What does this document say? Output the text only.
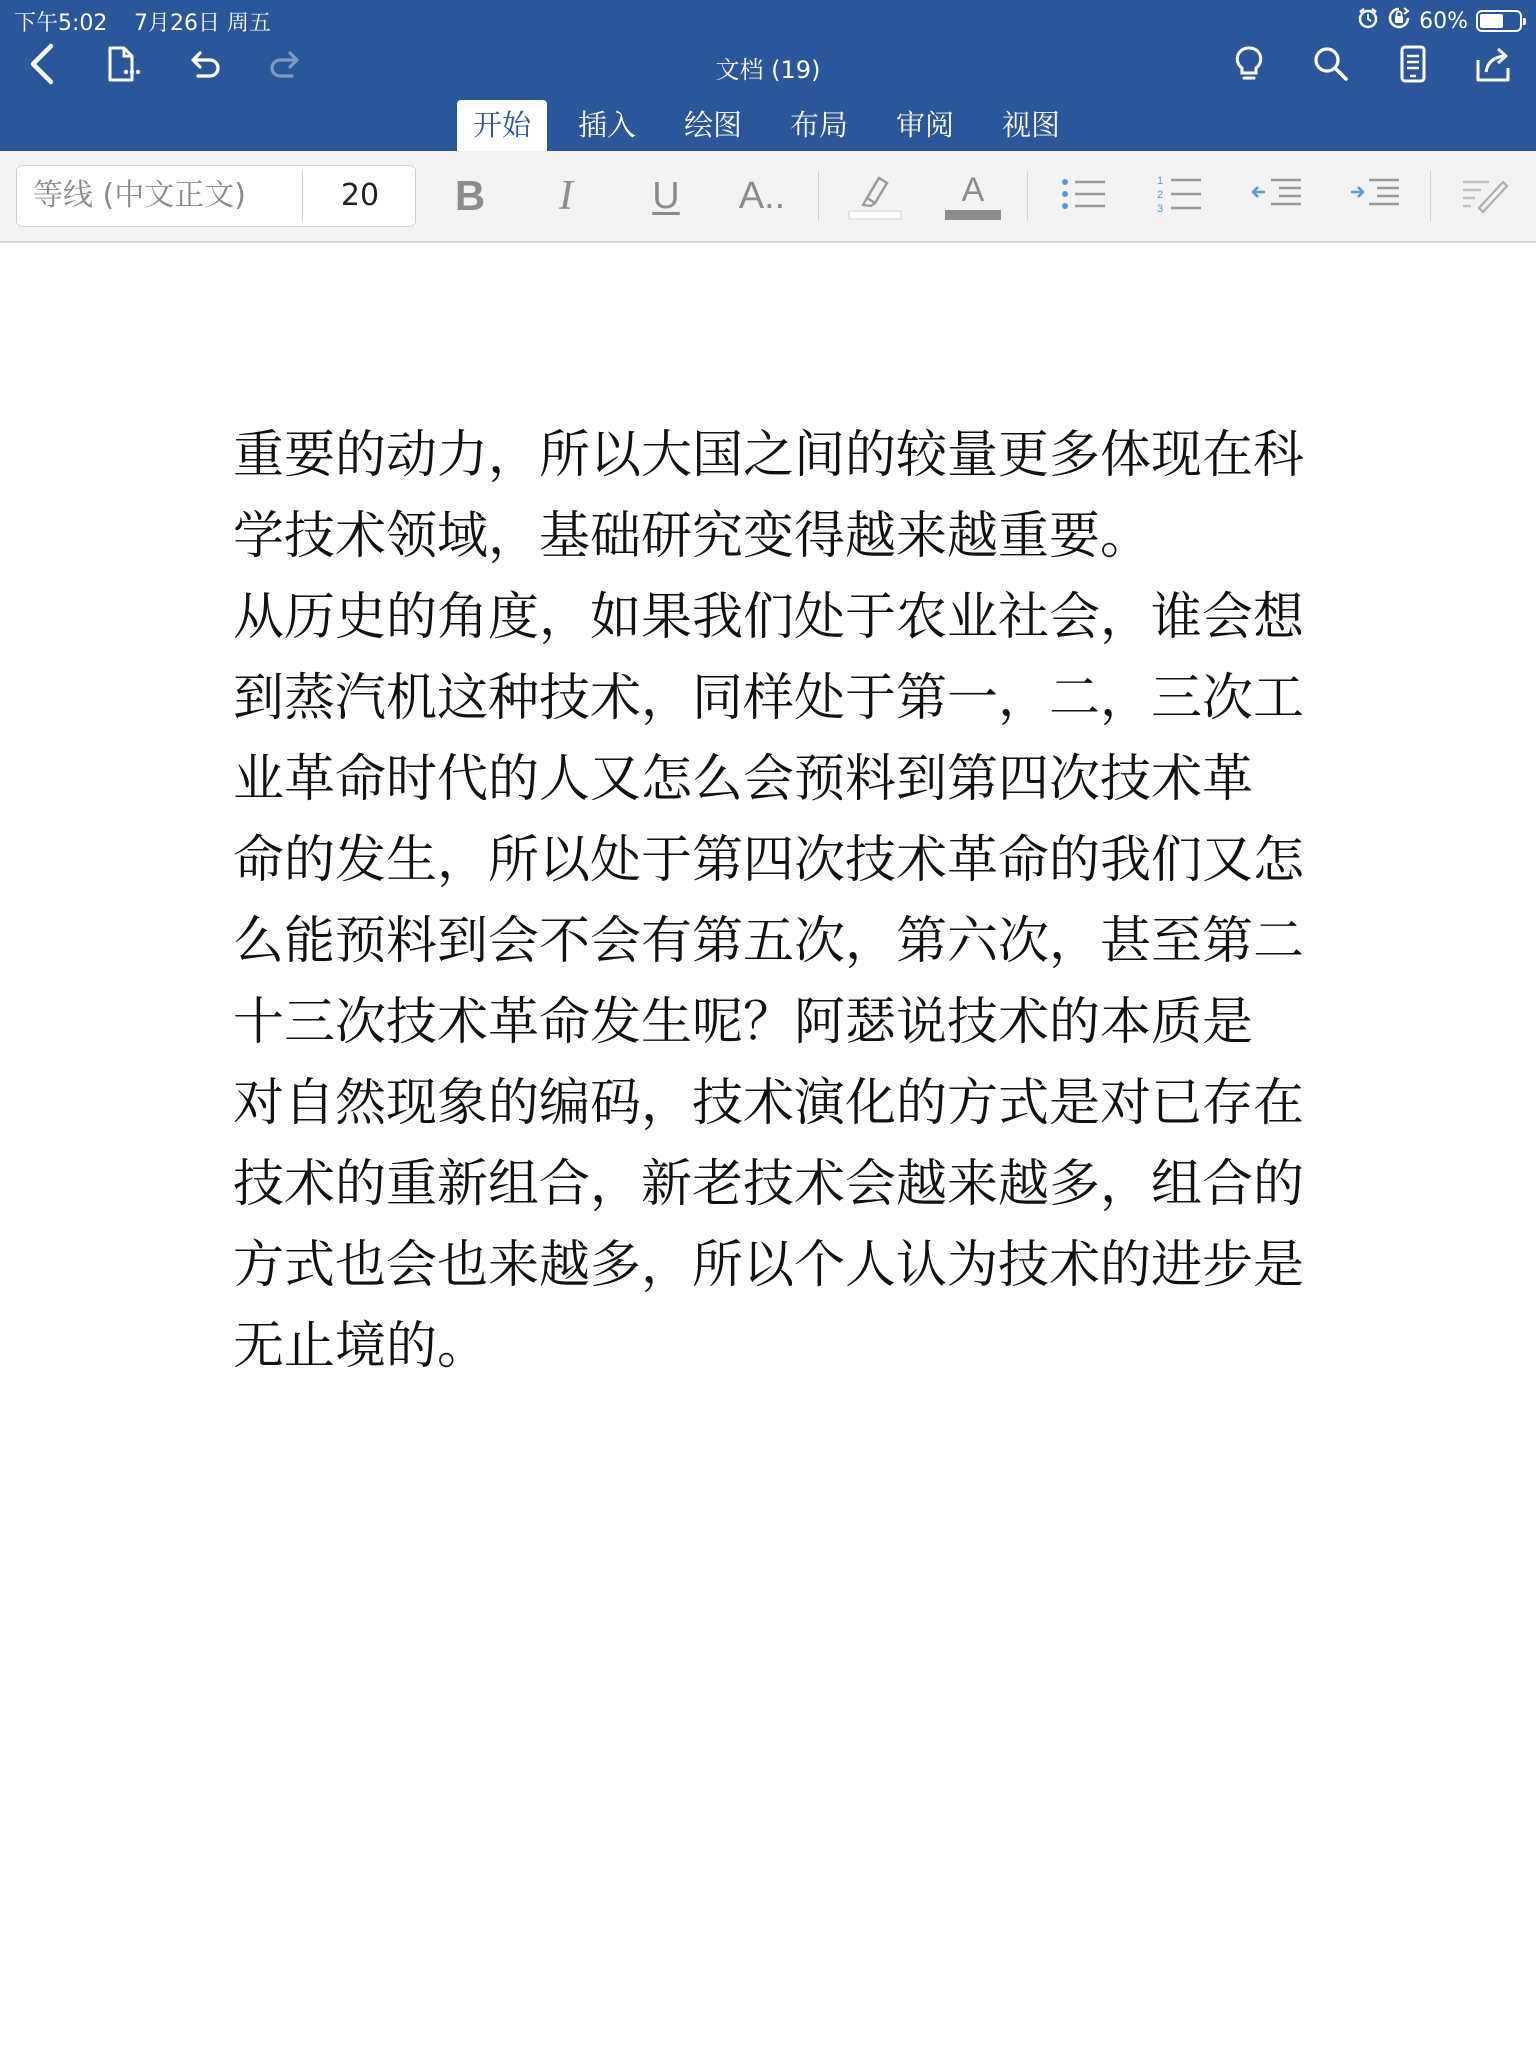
下午5:02 7月26日 周五	60%
文档 (19)
开始	插入	绘图	布局	审阅	视图
等线 (中文正文)	20	B I U A..	A	1
2
3
重要的动力，所以大国之间的较量更多体现在科
学技术领域，基础研究变得越来越重要。
从历史的角度，如果我们处于农业社会，谁会想
到蒸汽机这种技术，同样处于第一，二，三次工
业革命时代的人又怎么会预料到第四次技术革
命的发生，所以处于第四次技术革命的我们又怎
么能预料到会不会有第五次，第六次，甚至第二
十三次技术革命发生呢？阿瑟说技术的本质是
对自然现象的编码，技术演化的方式是对已存在
技术的重新组合，新老技术会越来越多，组合的
方式也会也来越多，所以个人认为技术的进步是
无止境的。
